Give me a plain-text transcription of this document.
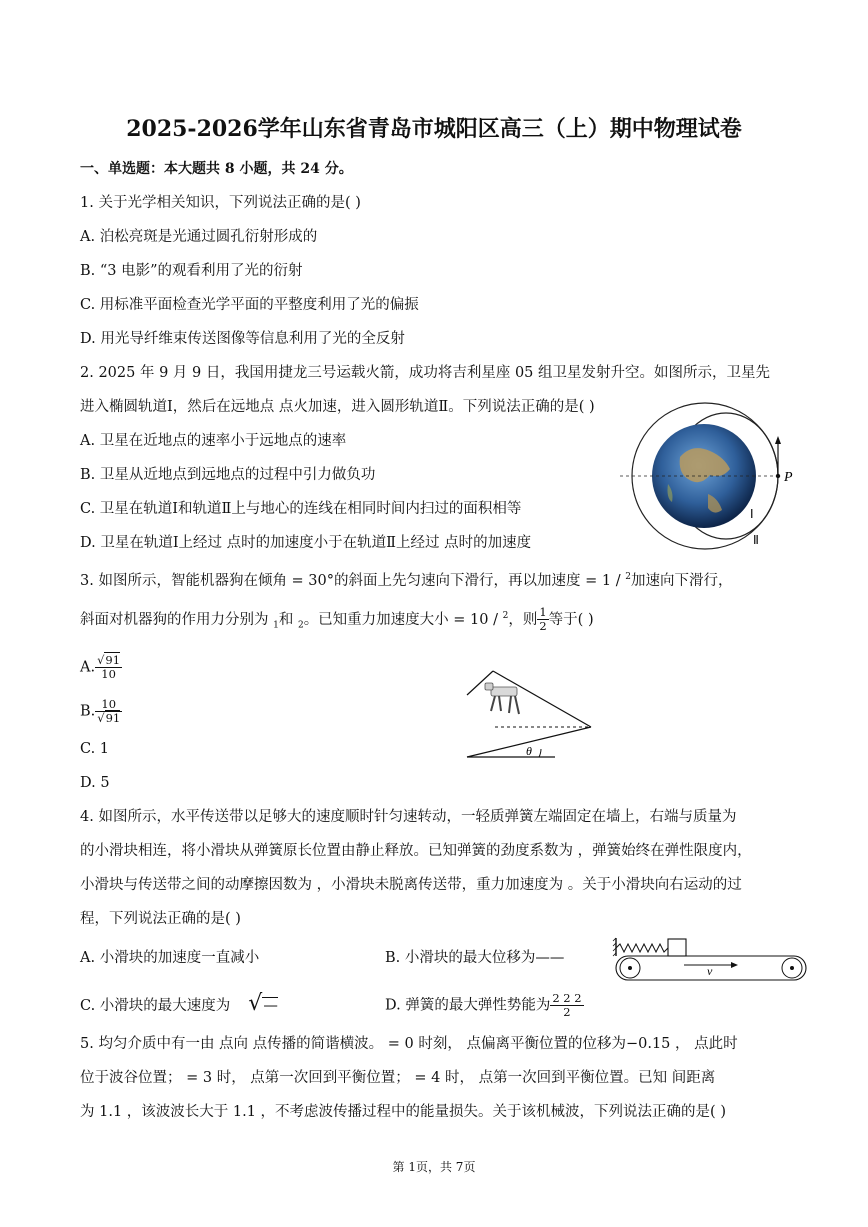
2025-2026学年山东省青岛市城阳区高三（上）期中物理试卷
一、单选题：本大题共 8 小题，共 24 分。
1. 关于光学相关知识，下列说法正确的是( )
A. 泊松亮斑是光通过圆孔衍射形成的
B. “3 电影”的观看利用了光的衍射
C. 用标准平面检查光学平面的平整度利用了光的偏振
D. 用光导纤维束传送图像等信息利用了光的全反射
2. 2025 年 9 月 9 日，我国用捷龙三号运载火箭，成功将吉利星座 05 组卫星发射升空。如图所示，卫星先
进入椭圆轨道Ⅰ，然后在远地点 点火加速，进入圆形轨道Ⅱ。下列说法正确的是( )
A. 卫星在近地点的速率小于远地点的速率
B. 卫星从近地点到远地点的过程中引力做负功
C. 卫星在轨道Ⅰ和轨道Ⅱ上与地心的连线在相同时间内扫过的面积相等
D. 卫星在轨道Ⅰ上经过 点时的加速度小于在轨道Ⅱ上经过 点时的加速度
P
Ⅰ
Ⅱ
3. 如图所示，智能机器狗在倾角 = 30°的斜面上先匀速向下滑行，再以加速度 = 1 / $^2$加速向下滑行，
斜面对机器狗的作用力分别为 $_1$和 $_2$。已知重力加速度大小 = 10 / $^2$，则 $\frac{1}{2}$ 等于( )
A. $\frac{√91}{10}$
B. $\frac{10}{√91}$
C. 1
D. 5
θ
4. 如图所示，水平传送带以足够大的速度顺时针匀速转动，一轻质弹簧左端固定在墙上，右端与质量为
的小滑块相连，将小滑块从弹簧原长位置由静止释放。已知弹簧的劲度系数为 ，弹簧始终在弹性限度内，
小滑块与传送带之间的动摩擦因数为 ，小滑块未脱离传送带，重力加速度为 。关于小滑块向右运动的过
程，下列说法正确的是( )
A. 小滑块的加速度一直减小	B. 小滑块的最大位移为——
C. 小滑块的最大速度为 √—	D. 弹簧的最大弹性势能为 $\frac{2 2 2}{2}$
v
5. 均匀介质中有一由 点向 点传播的简谐横波。 = 0 时刻， 点偏离平衡位置的位移为−0.15 ， 点此时
位于波谷位置； = 3 时， 点第一次回到平衡位置； = 4 时， 点第一次回到平衡位置。已知 间距离
为 1.1 ，该波波长大于 1.1 ，不考虑波传播过程中的能量损失。关于该机械波，下列说法正确的是( )
第 1页，共 7页
